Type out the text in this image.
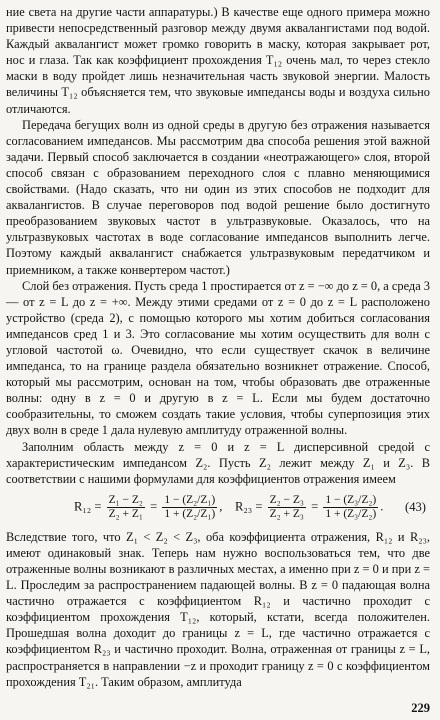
ние света на другие части аппаратуры.) В качестве еще одного примера можно привести непосредственный разговор между двумя аквалангистами под водой. Каждый аквалангист может громко говорить в маску, которая закрывает рот, нос и глаза. Так как коэффициент прохождения T₁₂ очень мал, то через стекло маски в воду пройдет лишь незначительная часть звуковой энергии. Малость величины T₁₂ объясняется тем, что звуковые импедансы воды и воздуха сильно отличаются.

Передача бегущих волн из одной среды в другую без отражения называется согласованием импедансов. Мы рассмотрим два способа решения этой важной задачи. Первый способ заключается в создании «неотражающего» слоя, второй способ связан с образованием переходного слоя с плавно меняющимися свойствами. (Надо сказать, что ни один из этих способов не подходит для аквалангистов. В случае переговоров под водой решение было достигнуто преобразованием звуковых частот в ультразвуковые. Оказалось, что на ультразвуковых частотах в воде согласование импедансов выполнить легче. Поэтому каждый аквалангист снабжается ультразвуковым передатчиком и приемником, а также конвертером частот.)

Слой без отражения. Пусть среда 1 простирается от z = −∞ до z = 0, а среда 3 — от z = L до z = +∞. Между этими средами от z = 0 до z = L расположено устройство (среда 2), с помощью которого мы хотим добиться согласования импедансов сред 1 и 3. Это согласование мы хотим осуществить для волн с угловой частотой ω. Очевидно, что если существует скачок в величине импеданса, то на границе раздела обязательно возникнет отражение. Способ, который мы рассмотрим, основан на том, чтобы образовать две отраженные волны: одну в z = 0 и другую в z = L. Если мы будем достаточно сообразительны, то сможем создать такие условия, чтобы суперпозиция этих двух волн в среде 1 дала нулевую амплитуду отраженной волны.

Заполним область между z = 0 и z = L дисперсивной средой с характеристическим импедансом Z₂. Пусть Z₂ лежит между Z₁ и Z₃. В соответствии с нашими формулами для коэффициентов отражения имеем

$R_{12} = \frac{\text{Z₁ − Z₂}}{\text{Z₂ + Z₁}} = \frac{\text{1 − (Z₂/Z₁)}}{\text{1 + (Z₂/Z₁)}}$ , $R_{23} = \frac{\text{Z₂ − Z₃}}{\text{Z₂ + Z₃}} = \frac{\text{1 − (Z₃/Z₂)}}{\text{1 + (Z₃/Z₂)}}$ . (43)

Вследствие того, что Z₁ < Z₂ < Z₃, оба коэффициента отражения, R₁₂ и R₂₃, имеют одинаковый знак. Теперь нам нужно воспользоваться тем, что две отраженные волны возникают в различных местах, а именно при z = 0 и при z = L. Проследим за распространением падающей волны. В z = 0 падающая волна частично отражается с коэффициентом R₁₂ и частично проходит с коэффициентом прохождения T₁₂, который, кстати, всегда положителен. Прошедшая волна доходит до границы z = L, где частично отражается с коэффициентом R₂₃ и частично проходит. Волна, отраженная от границы z = L, распространяется в направлении −z и проходит границу z = 0 с коэффициентом прохождения T₂₁. Таким образом, амплитуда

229
